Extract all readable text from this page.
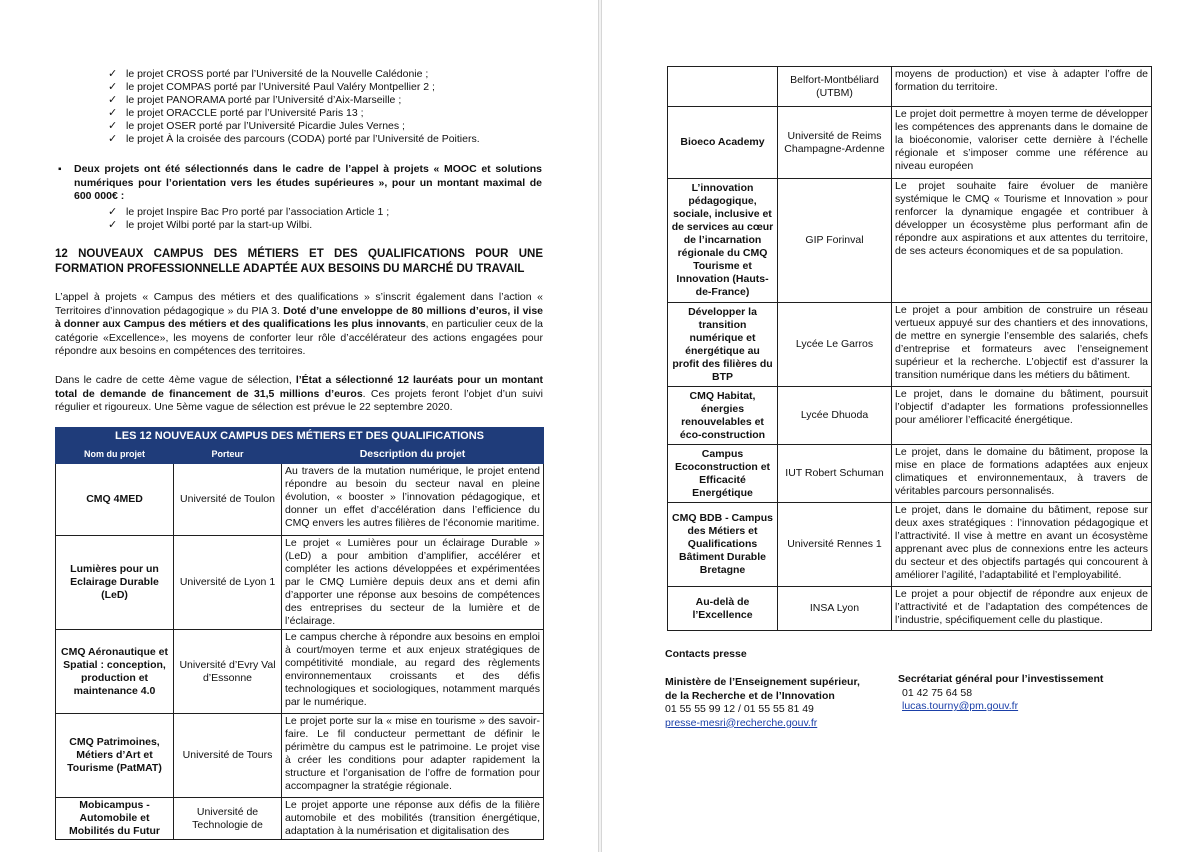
✓ le projet CROSS porté par l’Université de la Nouvelle Calédonie ;
✓ le projet COMPAS porté par l’Université Paul Valéry Montpellier 2 ;
✓ le projet PANORAMA porté par l’Université d’Aix-Marseille ;
✓ le projet ORACCLE porté par l’Université Paris 13 ;
✓ le projet OSER porté par l’Université Picardie Jules Vernes ;
✓ le projet À la croisée des parcours (CODA) porté par l’Université de Poitiers.
▪ Deux projets ont été sélectionnés dans le cadre de l’appel à projets « MOOC et solutions numériques pour l’orientation vers les études supérieures », pour un montant maximal de 600 000€ :
✓ le projet Inspire Bac Pro porté par l’association Article 1 ;
✓ le projet Wilbi porté par la start-up Wilbi.
12 NOUVEAUX CAMPUS DES MÉTIERS ET DES QUALIFICATIONS POUR UNE FORMATION PROFESSIONNELLE ADAPTÉE AUX BESOINS DU MARCHÉ DU TRAVAIL
L’appel à projets « Campus des métiers et des qualifications » s’inscrit également dans l’action « Territoires d’innovation pédagogique » du PIA 3. Doté d’une enveloppe de 80 millions d’euros, il vise à donner aux Campus des métiers et des qualifications les plus innovants, en particulier ceux de la catégorie «Excellence», les moyens de conforter leur rôle d’accélérateur des actions engagées pour répondre aux besoins en compétences des territoires.
Dans le cadre de cette 4ème vague de sélection, l’État a sélectionné 12 lauréats pour un montant total de demande de financement de 31,5 millions d’euros. Ces projets feront l’objet d’un suivi régulier et rigoureux. Une 5ème vague de sélection est prévue le 22 septembre 2020.
LES 12 NOUVEAUX CAMPUS DES MÉTIERS ET DES QUALIFICATIONS		
Nom du projet	Porteur	Description du projet
CMQ 4MED	Université de Toulon	Au travers de la mutation numérique, le projet entend répondre au besoin du secteur naval en pleine évolution, « booster » l’innovation pédagogique, et donner un effet d’accélération dans l’efficience du CMQ envers les autres filières de l’économie maritime.
Lumières pour un Eclairage Durable (LeD)	Université de Lyon 1	Le projet « Lumières pour un éclairage Durable » (LeD) a pour ambition d’amplifier, accélérer et compléter les actions développées et expérimentées par le CMQ Lumière depuis deux ans et demi afin d’apporter une réponse aux besoins de compétences des entreprises du secteur de la lumière et de l’éclairage.
CMQ Aéronautique et Spatial : conception, production et maintenance 4.0	Université d’Evry Val d’Essonne	Le campus cherche à répondre aux besoins en emploi à court/moyen terme et aux enjeux stratégiques de compétitivité mondiale, au regard des règlements environnementaux croissants et des défis technologiques et sociologiques, notamment marqués par le numérique.
CMQ Patrimoines, Métiers d’Art et Tourisme (PatMAT)	Université de Tours	Le projet porte sur la « mise en tourisme » des savoir-faire. Le fil conducteur permettant de définir le périmètre du campus est le patrimoine. Le projet vise à créer les conditions pour adapter rapidement la structure et l’organisation de l’offre de formation pour accompagner la stratégie régionale.
Mobicampus - Automobile et Mobilités du Futur	Université de Technologie de	Le projet apporte une réponse aux défis de la filière automobile et des mobilités (transition énergétique, adaptation à la numérisation et digitalisation des
	Belfort-Montbéliard (UTBM)	moyens de production) et vise à adapter l’offre de formation du territoire.
Bioeco Academy	Université de Reims Champagne-Ardenne	Le projet doit permettre à moyen terme de développer les compétences des apprenants dans le domaine de la bioéconomie, valoriser cette dernière à l’échelle régionale et s’imposer comme une référence au niveau européen
L’innovation pédagogique, sociale, inclusive et de services au cœur de l’incarnation régionale du CMQ Tourisme et Innovation (Hauts-de-France)	GIP Forinval	Le projet souhaite faire évoluer de manière systémique le CMQ « Tourisme et Innovation » pour renforcer la dynamique engagée et contribuer à développer un écosystème plus performant afin de répondre aux aspirations et aux attentes du territoire, de ses acteurs économiques et de sa population.
Développer la transition numérique et énergétique au profit des filières du BTP	Lycée Le Garros	Le projet a pour ambition de construire un réseau vertueux appuyé sur des chantiers et des innovations, de mettre en synergie l’ensemble des salariés, chefs d’entreprise et formateurs avec l’enseignement supérieur et la recherche. L’objectif est d’assurer la transition numérique dans les métiers du bâtiment.
CMQ Habitat, énergies renouvelables et éco-construction	Lycée Dhuoda	Le projet, dans le domaine du bâtiment, poursuit l’objectif d’adapter les formations professionnelles pour améliorer l’efficacité énergétique.
Campus Ecoconstruction et Efficacité Energétique	IUT Robert Schuman	Le projet, dans le domaine du bâtiment, propose la mise en place de formations adaptées aux enjeux climatiques et environnementaux, à travers de véritables parcours personnalisés.
CMQ BDB - Campus des Métiers et Qualifications Bâtiment Durable Bretagne	Université Rennes 1	Le projet, dans le domaine du bâtiment, repose sur deux axes stratégiques : l’innovation pédagogique et l’attractivité. Il vise à mettre en avant un écosystème apprenant avec plus de connexions entre les acteurs du secteur et des objectifs partagés qui concourent à améliorer l’agilité, l’adaptabilité et l’employabilité.
Au-delà de l’Excellence	INSA Lyon	Le projet a pour objectif de répondre aux enjeux de l’attractivité et de l’adaptation des compétences de l’industrie, spécifiquement celle du plastique.
Contacts presse
Ministère de l’Enseignement supérieur,
de la Recherche et de l’Innovation
01 55 55 99 12 / 01 55 55 81 49
presse-mesri@recherche.gouv.fr
Secrétariat général pour l’investissement
01 42 75 64 58
lucas.tourny@pm.gouv.fr
